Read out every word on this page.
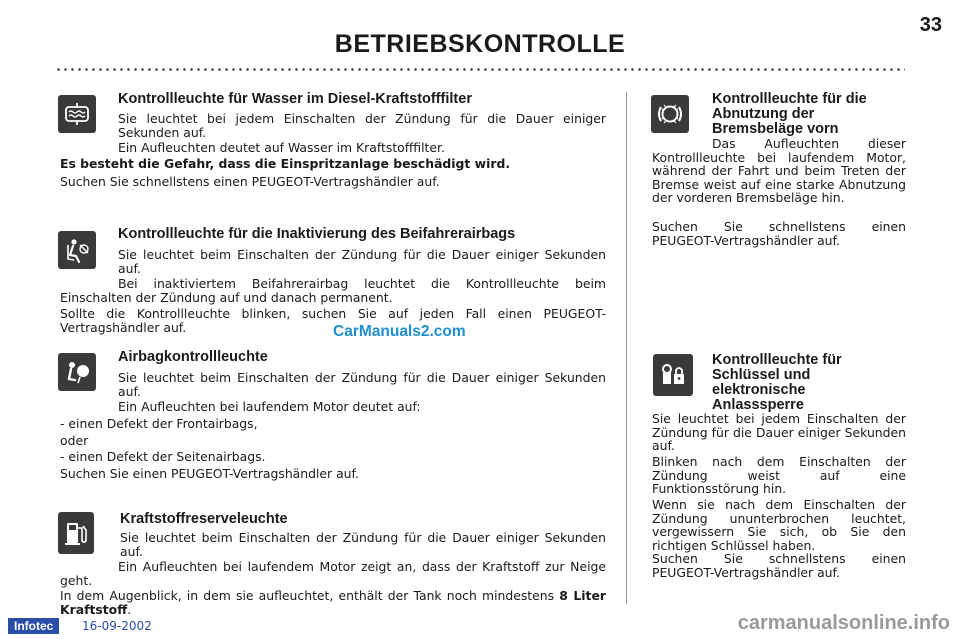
BETRIEBSKONTROLLE
33
Kontrollleuchte für Wasser im Diesel-Kraftstofffilter
Sie leuchtet bei jedem Einschalten der Zündung für die Dauer einiger Sekunden auf.
Ein Aufleuchten deutet auf Wasser im Kraftstofffilter.
Es besteht die Gefahr, dass die Einspritzanlage beschädigt wird.
Suchen Sie schnellstens einen PEUGEOT-Vertragshändler auf.
Kontrollleuchte für die Inaktivierung des Beifahrerairbags
Sie leuchtet beim Einschalten der Zündung für die Dauer einiger Sekunden auf.
Bei inaktiviertem Beifahrerairbag leuchtet die Kontrollleuchte beim Einschalten der Zündung auf und danach permanent.
Sollte die Kontrollleuchte blinken, suchen Sie auf jeden Fall einen PEUGEOT-Vertragshändler auf.	CarManuals2.com
Airbagkontrollleuchte
Sie leuchtet beim Einschalten der Zündung für die Dauer einiger Sekunden auf.
Ein Aufleuchten bei laufendem Motor deutet auf:
- einen Defekt der Frontairbags,
oder
- einen Defekt der Seitenairbags.
Suchen Sie einen PEUGEOT-Vertragshändler auf.
Kraftstoffreserveleuchte
Sie leuchtet beim Einschalten der Zündung für die Dauer einiger Sekunden auf.
Ein Aufleuchten bei laufendem Motor zeigt an, dass der Kraftstoff zur Neige geht.
In dem Augenblick, in dem sie aufleuchtet, enthält der Tank noch mindestens 8 Liter Kraftstoff.
Kontrollleuchte für die
Abnutzung der
Bremsbeläge vorn
Das Aufleuchten dieser Kontrollleuchte bei laufendem Motor, während der Fahrt und beim Treten der Bremse weist auf eine starke Abnutzung der vorderen Bremsbeläge hin.
Suchen Sie schnellstens einen PEUGEOT-Vertragshändler auf.
Kontrollleuchte für
Schlüssel und
elektronische
Anlasssperre
Sie leuchtet bei jedem Einschalten der Zündung für die Dauer einiger Sekunden auf.
Blinken nach dem Einschalten der Zündung weist auf eine Funktionsstörung hin.
Wenn sie nach dem Einschalten der Zündung ununterbrochen leuchtet, vergewissern Sie sich, ob Sie den richtigen Schlüssel haben.
Suchen Sie schnellstens einen PEUGEOT-Vertragshändler auf.
Infotec	16-09-2002	carmanualsonline.info
